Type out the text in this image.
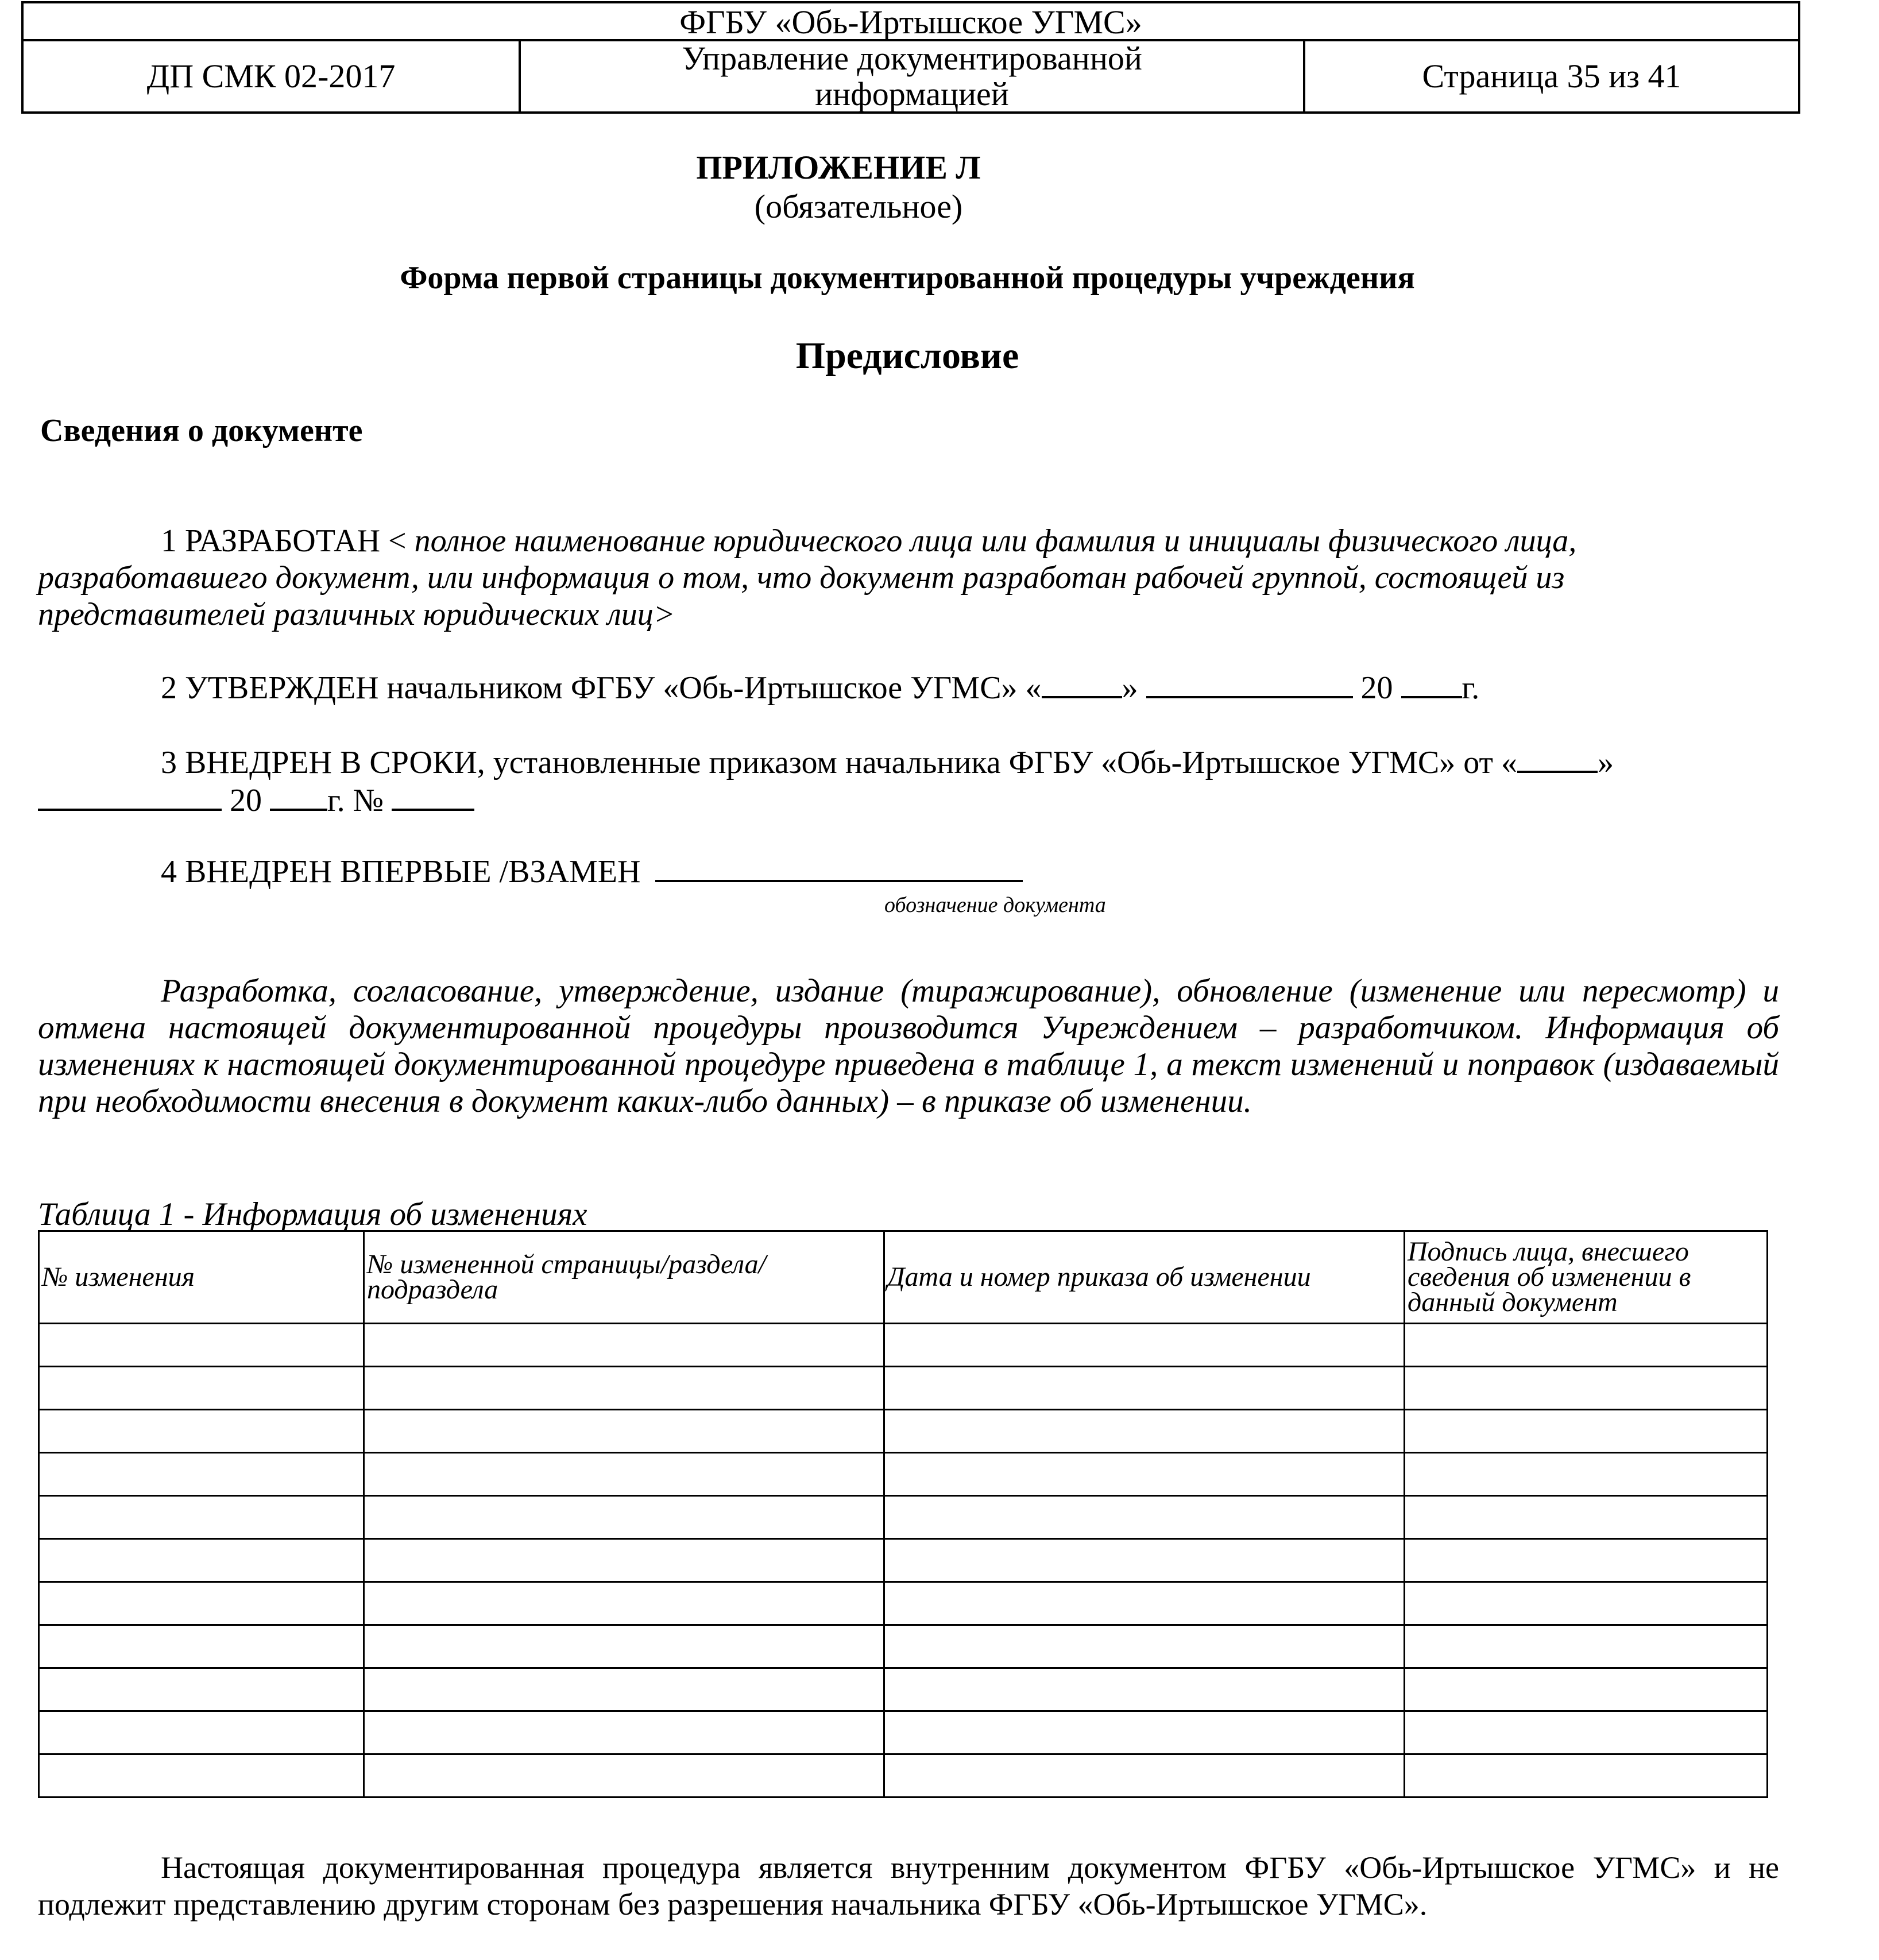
ФГБУ «Обь-Иртышское УГМС»
ДП СМК 02-2017	Управление документированной информацией	Страница 35 из 41
ПРИЛОЖЕНИЕ Л
(обязательное)
Форма первой страницы документированной процедуры учреждения
Предисловие
Сведения о документе
1 РАЗРАБОТАН < полное наименование юридического лица или фамилия и инициалы физического лица, разработавшего документ, или информация о том, что документ разработан рабочей группой, состоящей из представителей различных юридических лиц>
2 УТВЕРЖДЕН начальником ФГБУ «Обь-Иртышское УГМС» «	»	20 г.
3 ВНЕДРЕН В СРОКИ, установленные приказом начальника ФГБУ «Обь-Иртышское УГМС» от «	»  20 г. №
4 ВНЕДРЕН ВПЕРВЫЕ /ВЗАМЕН
обозначение документа
Разработка, согласование, утверждение, издание (тиражирование), обновление (изменение или пересмотр) и отмена настоящей документированной процедуры производится Учреждением – разработчиком. Информация об изменениях к настоящей документированной процедуре приведена в таблице 1, а текст изменений и поправок (издаваемый при необходимости внесения в документ каких-либо данных) – в приказе об изменении.
Таблица 1 - Информация об изменениях
№ изменения	№ измененной страницы/раздела/подраздела	Дата и номер приказа об изменении	Подпись лица, внесшего сведения об изменении в данный документ

Настоящая документированная процедура является внутренним документом ФГБУ «Обь-Иртышское УГМС» и не подлежит представлению другим сторонам без разрешения начальника ФГБУ «Обь-Иртышское УГМС».
